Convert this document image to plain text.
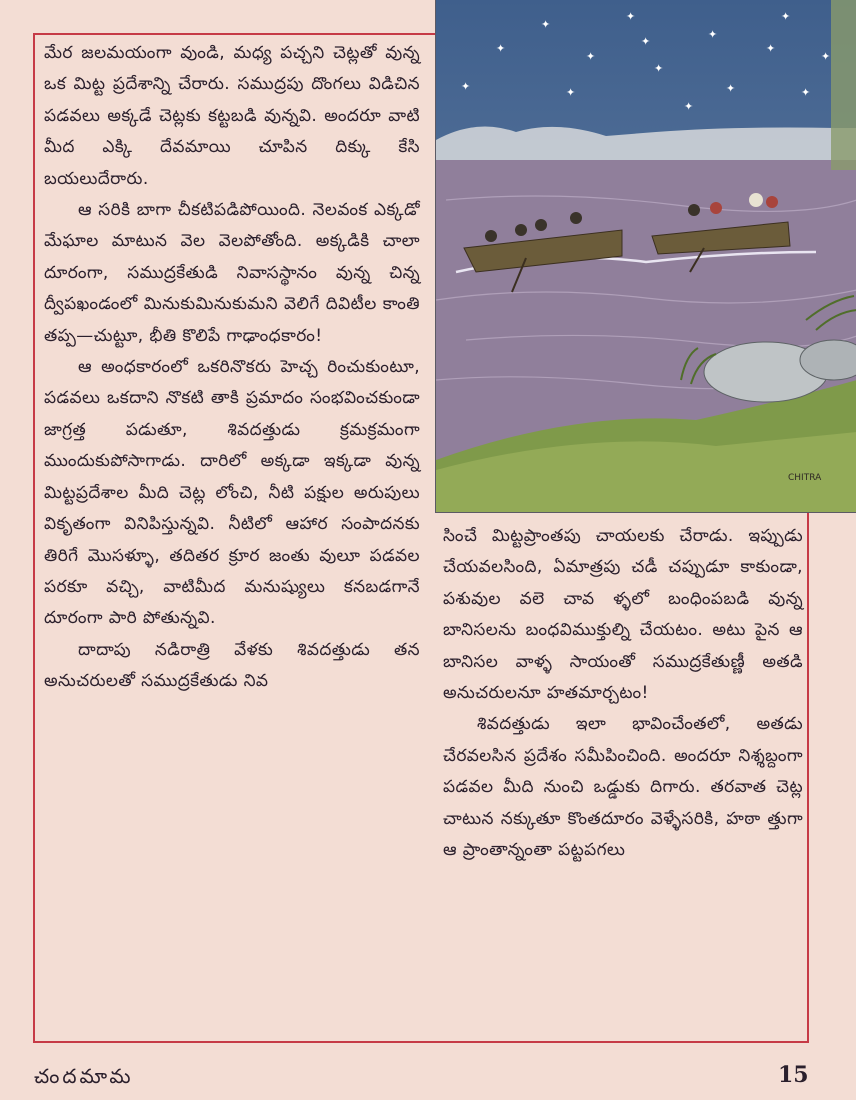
మేర జలమయంగా వుండి, మధ్య పచ్చని చెట్లతో వున్న ఒక మిట్ట ప్రదేశాన్ని చేరారు. సముద్రపు దొంగలు విడిచిన పడవలు అక్కడే చెట్లకు కట్టబడి వున్నవి. అందరూ వాటి మీద ఎక్కి దేవమాయి చూపిన దిక్కు కేసి బయలుదేరారు.

ఆ సరికి బాగా చీకటిపడిపోయింది. నెలవంక ఎక్కడో మేఘాల మాటున వెల వెలపోతోంది. అక్కడికి చాలా దూరంగా, సముద్రకేతుడి నివాసస్థానం వున్న చిన్న ద్వీపఖండంలో మినుకుమినుకుమని వెలిగే దివిటీల కాంతి తప్ప—చుట్టూ, భీతి కొలిపే గాఢాంధకారం!

ఆ అంధకారంలో ఒకరినొకరు హెచ్చ రించుకుంటూ, పడవలు ఒకదాని నొకటి తాకి ప్రమాదం సంభవించకుండా జాగ్రత్త పడుతూ, శివదత్తుడు క్రమక్రమంగా ముందుకుపోసాగాడు. దారిలో అక్కడా ఇక్కడా వున్న మిట్టప్రదేశాల మీది చెట్ల లోంచి, నీటి పక్షుల అరుపులు వికృతంగా వినిపిస్తున్నవి. నీటిలో ఆహార సంపాదనకు తిరిగే మొసళ్ళూ, తదితర క్రూర జంతు వులూ పడవల పరకూ వచ్చి, వాటిమీద మనుష్యులు కనబడగానే దూరంగా పారి పోతున్నవి.

దాదాపు నడిరాత్రి వేళకు శివదత్తుడు తన అనుచరులతో సముద్రకేతుడు నివ

✦
✦
✦
✦
✦
✦
✦
✦	✦
✦
✦
✦
✦
✦
✦
CHITRA

సించే మిట్టప్రాంతపు చాయలకు చేరాడు. ఇప్పుడు చేయవలసింది, ఏమాత్రపు చడీ చప్పుడూ కాకుండా, పశువుల వలె చావ ళ్ళలో బంధింపబడి వున్న బానిసలను బంధవిముక్తుల్ని చేయటం. అటు పైన ఆ బానిసల వాళ్ళ సాయంతో సముద్రకేతుణ్ణీ అతడి అనుచరులనూ హతమార్చటం!

శివదత్తుడు ఇలా భావించేంతలో, అతడు చేరవలసిన ప్రదేశం సమీపించింది. అందరూ నిశ్శబ్దంగా పడవల మీది నుంచి ఒడ్డుకు దిగారు. తరవాత చెట్ల చాటున నక్కుతూ కొంతదూరం వెళ్ళేసరికి, హఠా త్తుగా ఆ ప్రాంతాన్నంతా పట్టపగలు

చందమామ	15
